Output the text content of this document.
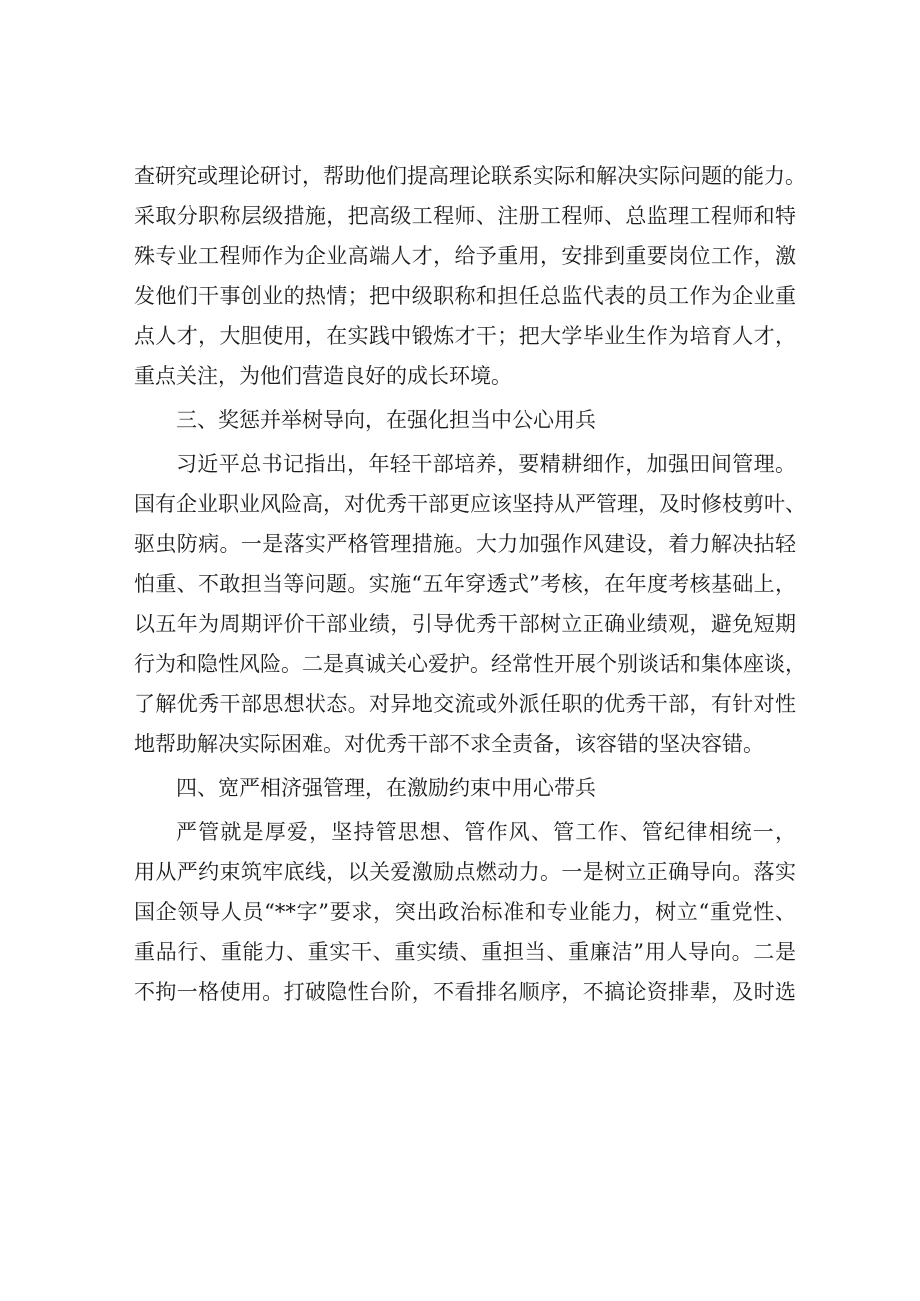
查研究或理论研讨，帮助他们提高理论联系实际和解决实际问题的能力。
采取分职称层级措施，把高级工程师、注册工程师、总监理工程师和特
殊专业工程师作为企业高端人才，给予重用，安排到重要岗位工作，激
发他们干事创业的热情；把中级职称和担任总监代表的员工作为企业重
点人才，大胆使用，在实践中锻炼才干；把大学毕业生作为培育人才，
重点关注，为他们营造良好的成长环境。
三、奖惩并举树导向，在强化担当中公心用兵
习近平总书记指出，年轻干部培养，要精耕细作，加强田间管理。
国有企业职业风险高，对优秀干部更应该坚持从严管理，及时修枝剪叶、
驱虫防病。一是落实严格管理措施。大力加强作风建设，着力解决拈轻
怕重、不敢担当等问题。实施“五年穿透式”考核，在年度考核基础上，
以五年为周期评价干部业绩，引导优秀干部树立正确业绩观，避免短期
行为和隐性风险。二是真诚关心爱护。经常性开展个别谈话和集体座谈，
了解优秀干部思想状态。对异地交流或外派任职的优秀干部，有针对性
地帮助解决实际困难。对优秀干部不求全责备，该容错的坚决容错。
四、宽严相济强管理，在激励约束中用心带兵
严管就是厚爱，坚持管思想、管作风、管工作、管纪律相统一，
用从严约束筑牢底线，以关爱激励点燃动力。一是树立正确导向。落实
国企领导人员“**字”要求，突出政治标准和专业能力，树立“重党性、
重品行、重能力、重实干、重实绩、重担当、重廉洁”用人导向。二是
不拘一格使用。打破隐性台阶，不看排名顺序，不搞论资排辈，及时选
